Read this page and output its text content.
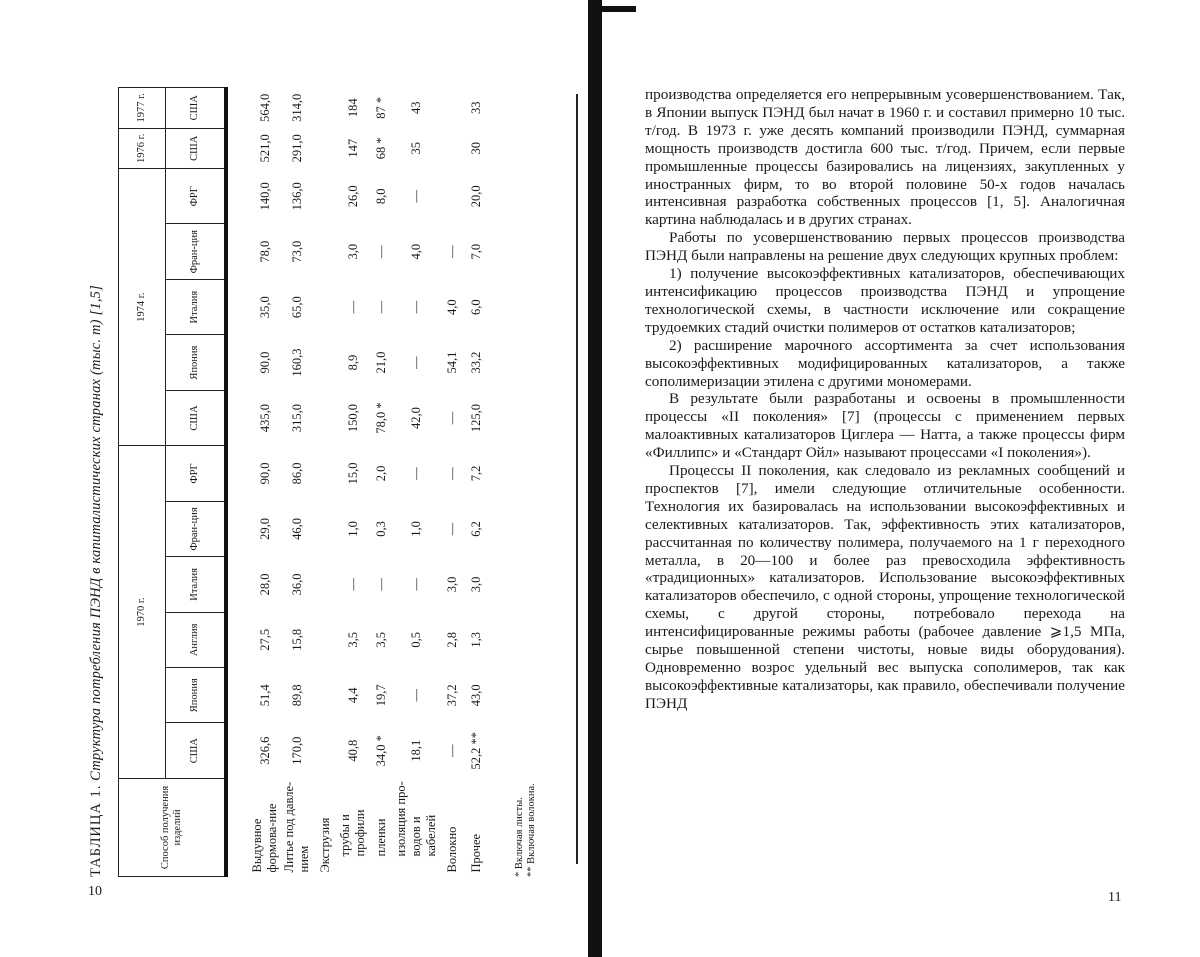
ТАБЛИЦА 1. Структура потребления ПЭНД в капиталистических странах (тыс. т) [1,5]
Способ получения изделий	1970 г.						1974 г.					1976 г.	1977 г.
	США	Япония	Англия	Италия	Фран-ция	ФРГ	США	Япония	Италия	Фран-ция	ФРГ	США	США
Выдувное формова-ние	326,6	51,4	27,5	28,0	29,0	90,0	435,0	90,0	35,0	78,0	140,0	521,0	564,0
Литье под давле-нием	170,0	89,8	15,8	36,0	46,0	86,0	315,0	160,3	65,0	73,0	136,0	291,0	314,0
Экструзия													
трубы и профили	40,8	4,4	3,5	—	1,0	15,0	150,0	8,9	—	3,0	26,0	147	184
пленки	34,0 *	19,7	3,5	—	0,3	2,0	78,0 *	21,0	—	—	8,0	68 *	87 *
изоляция про-водов и кабелей	18,1	—	0,5	—	1,0	—	42,0	—	—	4,0	—	35	43
Волокно	—	37,2	2,8	3,0	—	—	—	54,1	4,0	—			
Прочее	52,2 **	43,0	1,3	3,0	6,2	7,2	125,0	33,2	6,0	7,0	20,0	30	33
* Включая листы. ** Включая волокна.
10

производства определяется его непрерывным усовершенствованием. Так, в Японии выпуск ПЭНД был начат в 1960 г. и составил примерно 10 тыс. т/год. В 1973 г. уже десять компаний производили ПЭНД, суммарная мощность производств достигла 600 тыс. т/год. Причем, если первые промышленные процессы базировались на лицензиях, закупленных у иностранных фирм, то во второй половине 50-х годов началась интенсивная разработка собственных процессов [1, 5]. Аналогичная картина наблюдалась и в других странах.

Работы по усовершенствованию первых процессов производства ПЭНД были направлены на решение двух следующих крупных проблем:

1) получение высокоэффективных катализаторов, обеспечивающих интенсификацию процессов производства ПЭНД и упрощение технологической схемы, в частности исключение или сокращение трудоемких стадий очистки полимеров от остатков катализаторов;

2) расширение марочного ассортимента за счет использования высокоэффективных модифицированных катализаторов, а также сополимеризации этилена с другими мономерами.

В результате были разработаны и освоены в промышленности процессы «II поколения» [7] (процессы с применением первых малоактивных катализаторов Циглера — Натта, а также процессы фирм «Филлипс» и «Стандарт Ойл» называют процессами «I поколения»).

Процессы II поколения, как следовало из рекламных сообщений и проспектов [7], имели следующие отличительные особенности. Технология их базировалась на использовании высокоэффективных и селективных катализаторов. Так, эффективность этих катализаторов, рассчитанная по количеству полимера, получаемого на 1 г переходного металла, в 20—100 и более раз превосходила эффективность «традиционных» катализаторов. Использование высокоэффективных катализаторов обеспечило, с одной стороны, упрощение технологической схемы, с другой стороны, потребовало перехода на интенсифицированные режимы работы (рабочее давление ⩾1,5 МПа, сырье повышенной степени чистоты, новые виды оборудования). Одновременно возрос удельный вес выпуска сополимеров, так как высокоэффективные катализаторы, как правило, обеспечивали получение ПЭНД

11
